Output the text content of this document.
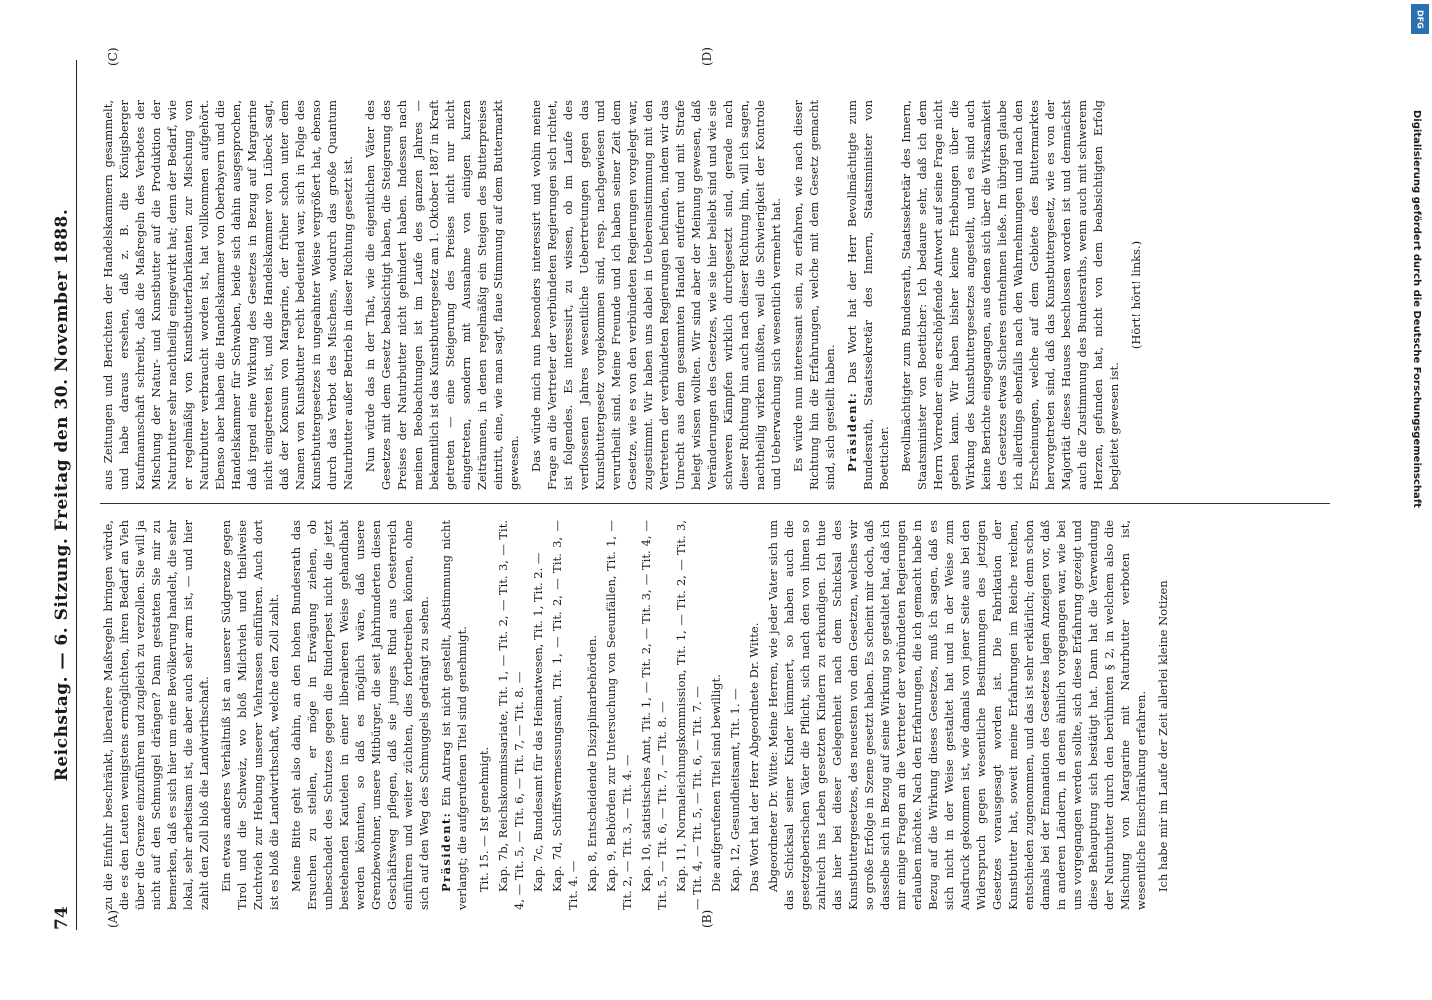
74
Reichstag. — 6. Sitzung. Freitag den 30. November 1888.
(A)	(B)
(C)	(D)

zu die Einfuhr beschränkt, liberalere Maßregeln bringen würde, die es den Leuten wenigstens ermöglichten, ihren Bedarf an Vieh über die Grenze einzuführen und zugleich zu verzollen. Sie will ja nicht auf den Schmuggel drängen? Dann gestatten Sie mir zu bemerken, daß es sich hier um eine Bevölkerung handelt, die sehr lokal, sehr arbeitsam ist, die aber auch sehr arm ist, — und hier zahlt den Zoll bloß die Landwirthschaft. Ein etwas anderes Verhältniß ist an unserer Südgrenze gegen Tirol und die Schweiz, wo bloß Milchvieh und theilweise Zuchtvieh zur Hebung unserer Viehrassen einführen. Auch dort ist es bloß die Landwirthschaft, welche den Zoll zahlt. Meine Bitte geht also dahin, an den hohen Bundesrath das Ersuchen zu stellen, er möge in Erwägung ziehen, ob unbeschadet des Schutzes gegen die Rinderpest nicht die jetzt bestehenden Kautelen in einer liberaleren Weise gehandhabt werden könnten, so daß es möglich wäre, daß unsere Grenzbewohner, unsere Mitbürger, die seit Jahrhunderten diesen Geschäftsweg pflegen, daß sie junges Rind aus Oesterreich einführen und weiter züchten, dies fortbetreiben können, ohne sich auf den Weg des Schmuggels gedrängt zu sehen. Präsident: Ein Antrag ist nicht gestellt, Abstimmung nicht verlangt; die aufgerufenen Titel sind genehmigt. Tit. 15. — Ist genehmigt. Kap. 7b, Reichskommissariate, Tit. 1, — Tit. 2, — Tit. 3, — Tit. 4, — Tit. 5, — Tit. 6, — Tit. 7, — Tit. 8. — Kap. 7c, Bundesamt für das Heimatwesen, Tit. 1, Tit. 2. — Kap. 7d, Schiffsvermessungsamt, Tit. 1, — Tit. 2, — Tit. 3, — Tit. 4. — Kap. 8, Entscheidende Disziplinarbehörden. Kap. 9, Behörden zur Untersuchung von Seeunfällen, Tit. 1, — Tit. 2, — Tit. 3, — Tit. 4. — Kap. 10, statistisches Amt, Tit. 1, — Tit. 2, — Tit. 3, — Tit. 4, — Tit. 5, — Tit. 6, — Tit. 7, — Tit. 8. — Kap. 11, Normaleichungskommission, Tit. 1, — Tit. 2, — Tit. 3, — Tit. 4, — Tit. 5, — Tit. 6, — Tit. 7. — Die aufgerufenen Titel sind bewilligt. Kap. 12, Gesundheitsamt, Tit. 1. — Das Wort hat der Herr Abgeordnete Dr. Witte. Abgeordneter Dr. Witte: Meine Herren, wie jeder Vater sich um das Schicksal seiner Kinder kümmert, so haben auch die gesetzgeberischen Väter die Pflicht, sich nach den von ihnen so zahlreich ins Leben gesetzten Kindern zu erkundigen. Ich thue das hier bei dieser Gelegenheit nach dem Schicksal des Kunstbuttergesetzes, des neuesten von den Gesetzen, welches wir so große Erfolge in Szene gesetzt haben. Es scheint mir doch, daß dasselbe sich in Bezug auf seine Wirkung so gestaltet hat, daß ich mir einige Fragen an die Vertreter der verbündeten Regierungen erlauben möchte. Nach den Erfahrungen, die ich gemacht habe in Bezug auf die Wirkung dieses Gesetzes, muß ich sagen, daß es sich nicht in der Weise gestaltet hat und in der Weise zum Ausdruck gekommen ist, wie damals von jener Seite aus bei den Widerspruch gegen wesentliche Bestimmungen des jetzigen Gesetzes vorausgesagt worden ist. Die Fabrikation der Kunstbutter hat, soweit meine Erfahrungen im Reiche reichen, entschieden zugenommen, und das ist sehr erklärlich; denn schon damals bei der Emanation des Gesetzes lagen Anzeigen vor, daß in anderen Ländern, in denen ähnlich vorgegangen war, wie bei uns vorgegangen werden sollte, sich diese Erfahrung gezeigt und diese Behauptung sich bestätigt hat. Dann hat die Verwendung der Naturbutter durch den berühmten § 2, in welchem also die Mischung von Margarine mit Naturbutter verboten ist, wesentliche Einschränkung erfahren. Ich habe mir im Laufe der Zeit allerlei kleine Notizen

aus Zeitungen und Berichten der Handelskammern gesammelt, und habe daraus ersehen, daß z. B. die Königsberger Kaufmannschaft schreibt, daß die Maßregeln des Verbotes der Mischung der Natur- und Kunstbutter auf die Produktion der Naturbutter sehr nachtheilig eingewirkt hat; denn der Bedarf, wie er regelmäßig von Kunstbutterfabrikanten zur Mischung von Naturbutter verbraucht worden ist, hat vollkommen aufgehört. Ebenso aber haben die Handelskammer von Oberbayern und die Handelskammer für Schwaben, beide sich dahin ausgesprochen, daß irgend eine Wirkung des Gesetzes in Bezug auf Margarine nicht eingetreten ist, und die Handelskammer von Lübeck sagt, daß der Konsum von Margarine, der früher schon unter dem Namen von Kunstbutter recht bedeutend war, sich in Folge des Kunstbuttergesetzes in ungeahnter Weise vergrößert hat, ebenso durch das Verbot des Mischens, wodurch das große Quantum Naturbutter außer Betrieb in dieser Richtung gesetzt ist. Nun würde das in der That, wie die eigentlichen Väter des Gesetzes mit dem Gesetz beabsichtigt haben, die Steigerung des Preises der Naturbutter nicht gehindert haben. Indessen nach meinen Beobachtungen ist im Laufe des ganzen Jahres — bekanntlich ist das Kunstbuttergesetz am 1. Oktober 1887 in Kraft getreten — eine Steigerung des Preises nicht nur nicht eingetreten, sondern mit Ausnahme von einigen kurzen Zeiträumen, in denen regelmäßig ein Steigen des Butterpreises eintritt, eine, wie man sagt, flaue Stimmung auf dem Buttermarkt gewesen. Das würde mich nun besonders interessirt und wohin meine Frage an die Vertreter der verbündeten Regierungen sich richtet, ist folgendes. Es interessirt, zu wissen, ob im Laufe des verflossenen Jahres wesentliche Uebertretungen gegen das Kunstbuttergesetz vorgekommen sind, resp. nachgewiesen und verurtheilt sind. Meine Freunde und ich haben seiner Zeit dem Gesetze, wie es von den verbündeten Regierungen vorgelegt war, zugestimmt. Wir haben uns dabei in Uebereinstimmung mit den Vertretern der verbündeten Regierungen befunden, indem wir das Unrecht aus dem gesammten Handel entfernt und mit Strafe belegt wissen wollten. Wir sind aber der Meinung gewesen, daß Veränderungen des Gesetzes, wie sie hier beliebt sind und wie sie schweren Kämpfen wirklich durchgesetzt sind, gerade nach dieser Richtung hin auch nach dieser Richtung hin, will ich sagen, nachtheilig wirken mußten, weil die Schwierigkeit der Kontrole und Ueberwachung sich wesentlich vermehrt hat. Es würde nun interessant sein, zu erfahren, wie nach dieser Richtung hin die Erfahrungen, welche mit dem Gesetz gemacht sind, sich gestellt haben. Präsident: Das Wort hat der Herr Bevollmächtigte zum Bundesrath, Staatssekretär des Innern, Staatsminister von Boetticher. Bevollmächtigter zum Bundesrath, Staatssekretär des Innern, Staatsminister von Boetticher: Ich bedaure sehr, daß ich dem Herrn Vorredner eine erschöpfende Antwort auf seine Frage nicht geben kann. Wir haben bisher keine Erhebungen über die Wirkung des Kunstbuttergesetzes angestellt, und es sind auch keine Berichte eingegangen, aus denen sich über die Wirksamkeit des Gesetzes etwas Sicheres entnehmen ließe. Im übrigen glaube ich allerdings ebenfalls nach den Wahrnehmungen und nach den Erscheinungen, welche auf dem Gebiete des Buttermarktes hervorgetreten sind, daß das Kunstbuttergesetz, wie es von der Majorität dieses Hauses beschlossen worden ist und demnächst auch die Zustimmung des Bundesraths, wenn auch mit schwerem Herzen, gefunden hat, nicht von dem beabsichtigten Erfolg begleitet gewesen ist.

(Hört! hört! links.)	Digitalisierung gefördert durch die Deutsche Forschungsgemeinschaft
DFG
